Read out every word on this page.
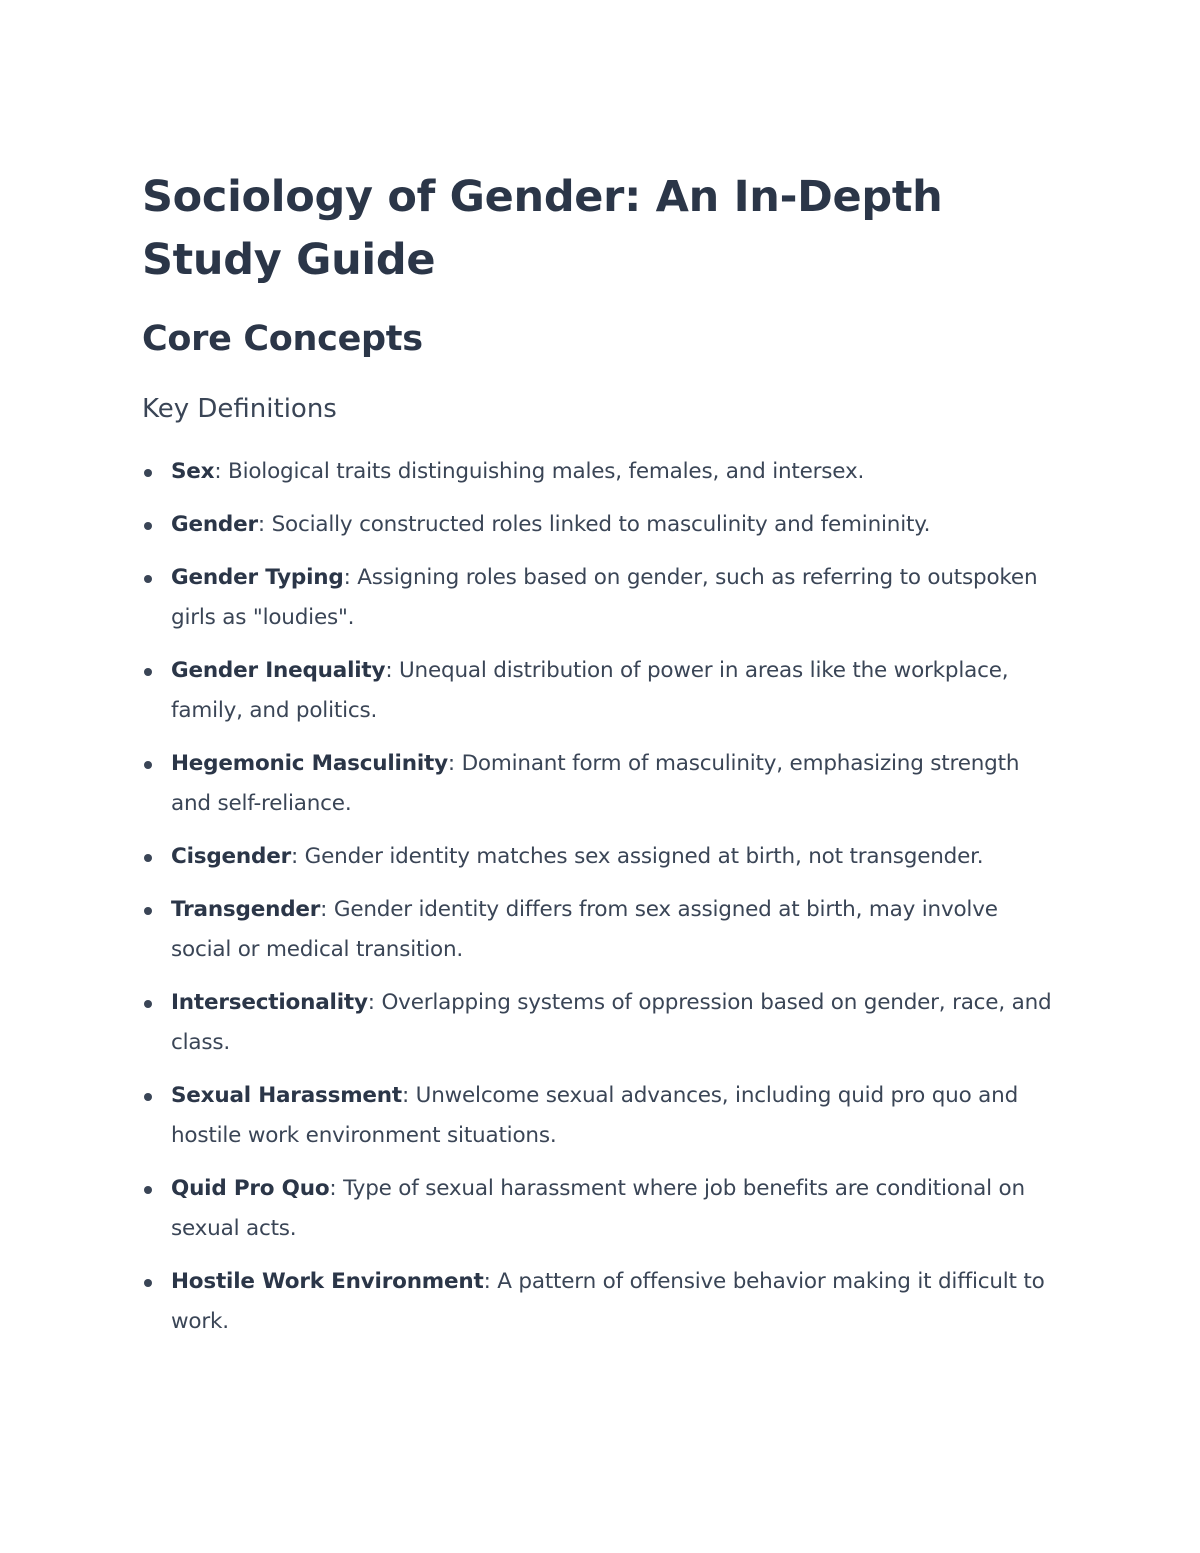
Sociology of Gender: An In-Depth Study Guide
Core Concepts
Key Definitions
Sex: Biological traits distinguishing males, females, and intersex.
Gender: Socially constructed roles linked to masculinity and femininity.
Gender Typing: Assigning roles based on gender, such as referring to outspoken girls as "loudies".
Gender Inequality: Unequal distribution of power in areas like the workplace, family, and politics.
Hegemonic Masculinity: Dominant form of masculinity, emphasizing strength and self-reliance.
Cisgender: Gender identity matches sex assigned at birth, not transgender.
Transgender: Gender identity differs from sex assigned at birth, may involve social or medical transition.
Intersectionality: Overlapping systems of oppression based on gender, race, and class.
Sexual Harassment: Unwelcome sexual advances, including quid pro quo and hostile work environment situations.
Quid Pro Quo: Type of sexual harassment where job benefits are conditional on sexual acts.
Hostile Work Environment: A pattern of offensive behavior making it difficult to work.
